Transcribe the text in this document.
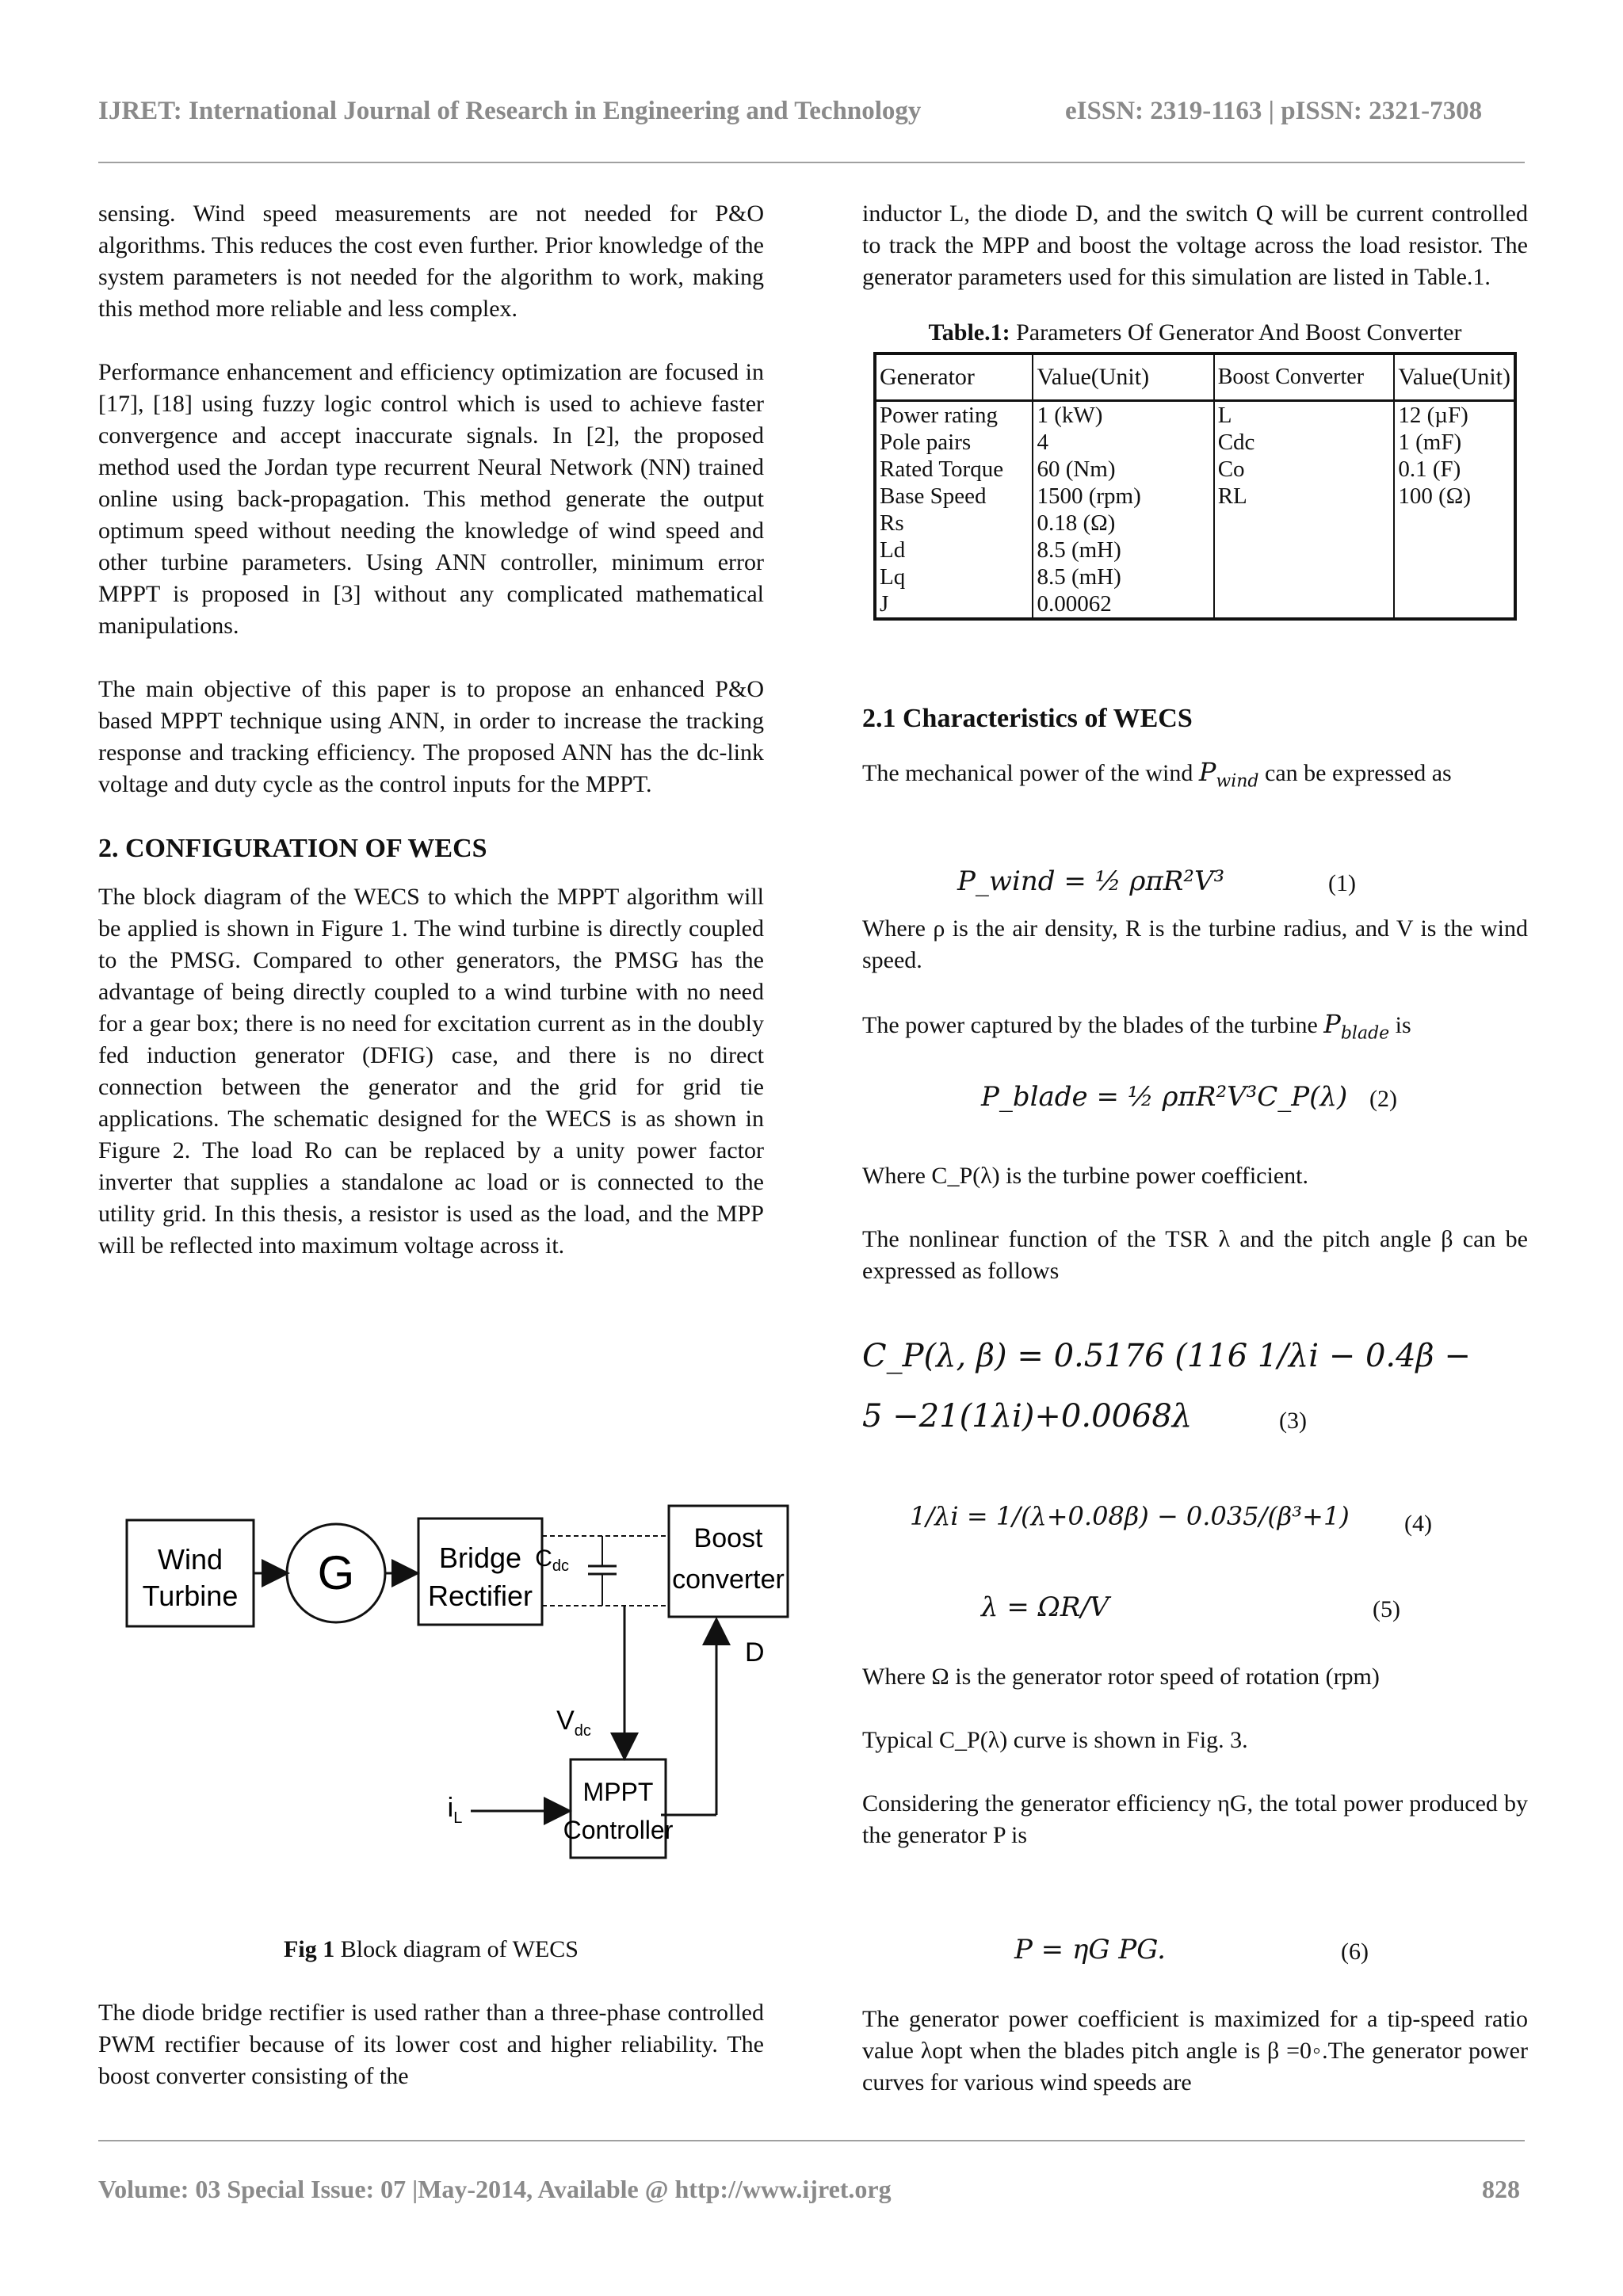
IJRET: International Journal of Research in Engineering and Technology	eISSN: 2319-1163 | pISSN: 2321-7308

sensing. Wind speed measurements are not needed for P&O algorithms. This reduces the cost even further. Prior knowledge of the system parameters is not needed for the algorithm to work, making this method more reliable and less complex.

Performance enhancement and efficiency optimization are focused in [17], [18] using fuzzy logic control which is used to achieve faster convergence and accept inaccurate signals. In [2], the proposed method used the Jordan type recurrent Neural Network (NN) trained online using back-propagation. This method generate the output optimum speed without needing the knowledge of wind speed and other turbine parameters. Using ANN controller, minimum error MPPT is proposed in [3] without any complicated mathematical manipulations.

The main objective of this paper is to propose an enhanced P&O based MPPT technique using ANN, in order to increase the tracking response and tracking efficiency. The proposed ANN has the dc-link voltage and duty cycle as the control inputs for the MPPT.

2. CONFIGURATION OF WECS

The block diagram of the WECS to which the MPPT algorithm will be applied is shown in Figure 1. The wind turbine is directly coupled to the PMSG. Compared to other generators, the PMSG has the advantage of being directly coupled to a wind turbine with no need for a gear box; there is no need for excitation current as in the doubly fed induction generator (DFIG) case, and there is no direct connection between the generator and the grid for grid tie applications. The schematic designed for the WECS is as shown in Figure 2. The load Ro can be replaced by a unity power factor inverter that supplies a standalone ac load or is connected to the utility grid. In this thesis, a resistor is used as the load, and the MPP will be reflected into maximum voltage across it.

Wind
Turbine G	Bridge
Rectifier
$C_{dc}$
Boost
converter
$V_{dc}$
D
MPPT
Controller
$i_L$

Fig 1 Block diagram of WECS

The diode bridge rectifier is used rather than a three-phase controlled PWM rectifier because of its lower cost and higher reliability. The boost converter consisting of the

inductor L, the diode D, and the switch Q will be current controlled to track the MPP and boost the voltage across the load resistor. The generator parameters used for this simulation are listed in Table.1.

Table.1: Parameters Of Generator And Boost Converter
Generator	Value(Unit)	Boost Converter	Value(Unit)
Power rating	1 (kW)	L	12 (µF)
Pole pairs	4	Cdc	1 (mF)
Rated Torque	60 (Nm)	Co	0.1 (F)
Base Speed	1500 (rpm)	RL	100 (Ω)
Rs	0.18 (Ω)		
Ld	8.5 (mH)		
Lq	8.5 (mH)		
J	0.00062		
2.1 Characteristics of WECS

The mechanical power of the wind $P_{wind}$ can be expressed as

P_wind = ½ ρπR²V³	(1)

Where ρ is the air density, R is the turbine radius, and V is the wind speed.

The power captured by the blades of the turbine $P_{blade}$ is

P_blade = ½ ρπR²V³C_P(λ) (2)

Where C_P(λ) is the turbine power coefficient.

The nonlinear function of the TSR λ and the pitch angle β can be expressed as follows

C_P(λ, β) = 0.5176 (116 1/λi − 0.4β −
5 −21(1λi)+0.0068λ	(3)
1/λi = 1/(λ+0.08β) − 0.035/(β³+1) (4)
λ = ΩR/V	(5)

Where Ω is the generator rotor speed of rotation (rpm)

Typical C_P(λ) curve is shown in Fig. 3.

Considering the generator efficiency ηG, the total power produced by the generator P is

P = ηG PG.	(6)

The generator power coefficient is maximized for a tip-speed ratio value λopt when the blades pitch angle is β =0◦.The generator power curves for various wind speeds are

Volume: 03 Special Issue: 07 |May-2014, Available @ http://www.ijret.org	828
